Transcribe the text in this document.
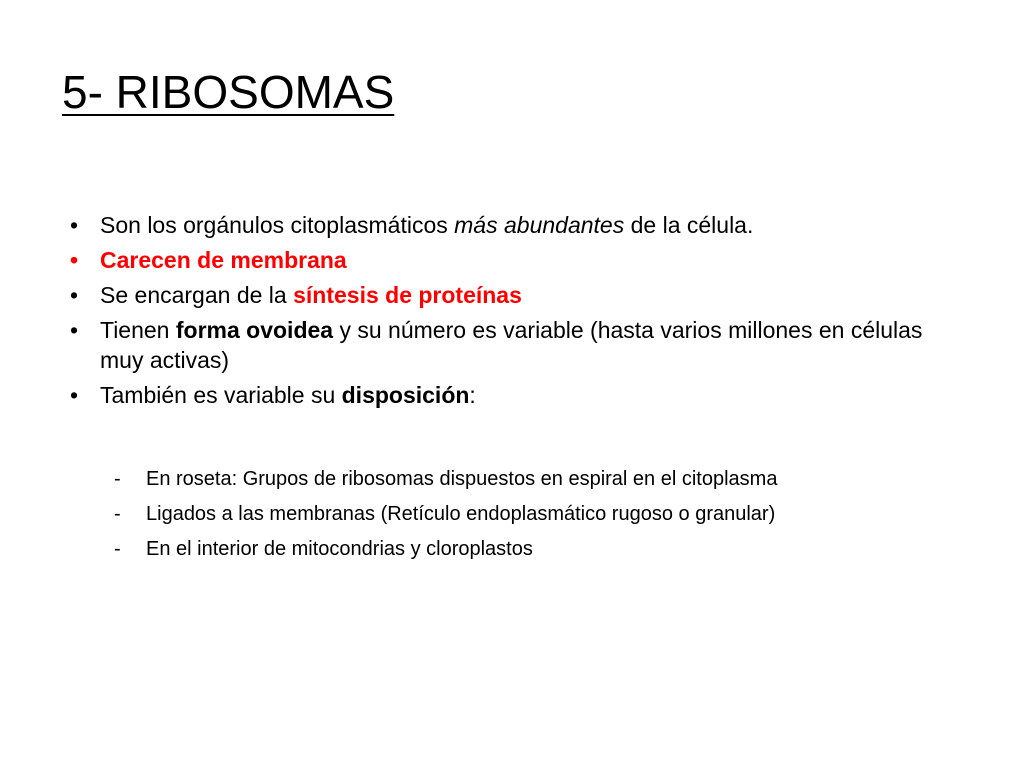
5- RIBOSOMAS
• Son los orgánulos citoplasmáticos más abundantes de la célula.
• Carecen de membrana
• Se encargan de la síntesis de proteínas
• Tienen forma ovoidea y su número es variable (hasta varios millones en células muy activas)
• También es variable su disposición:
- En roseta: Grupos de ribosomas dispuestos en espiral en el citoplasma
- Ligados a las membranas (Retículo endoplasmático rugoso o granular)
- En el interior de mitocondrias y cloroplastos
